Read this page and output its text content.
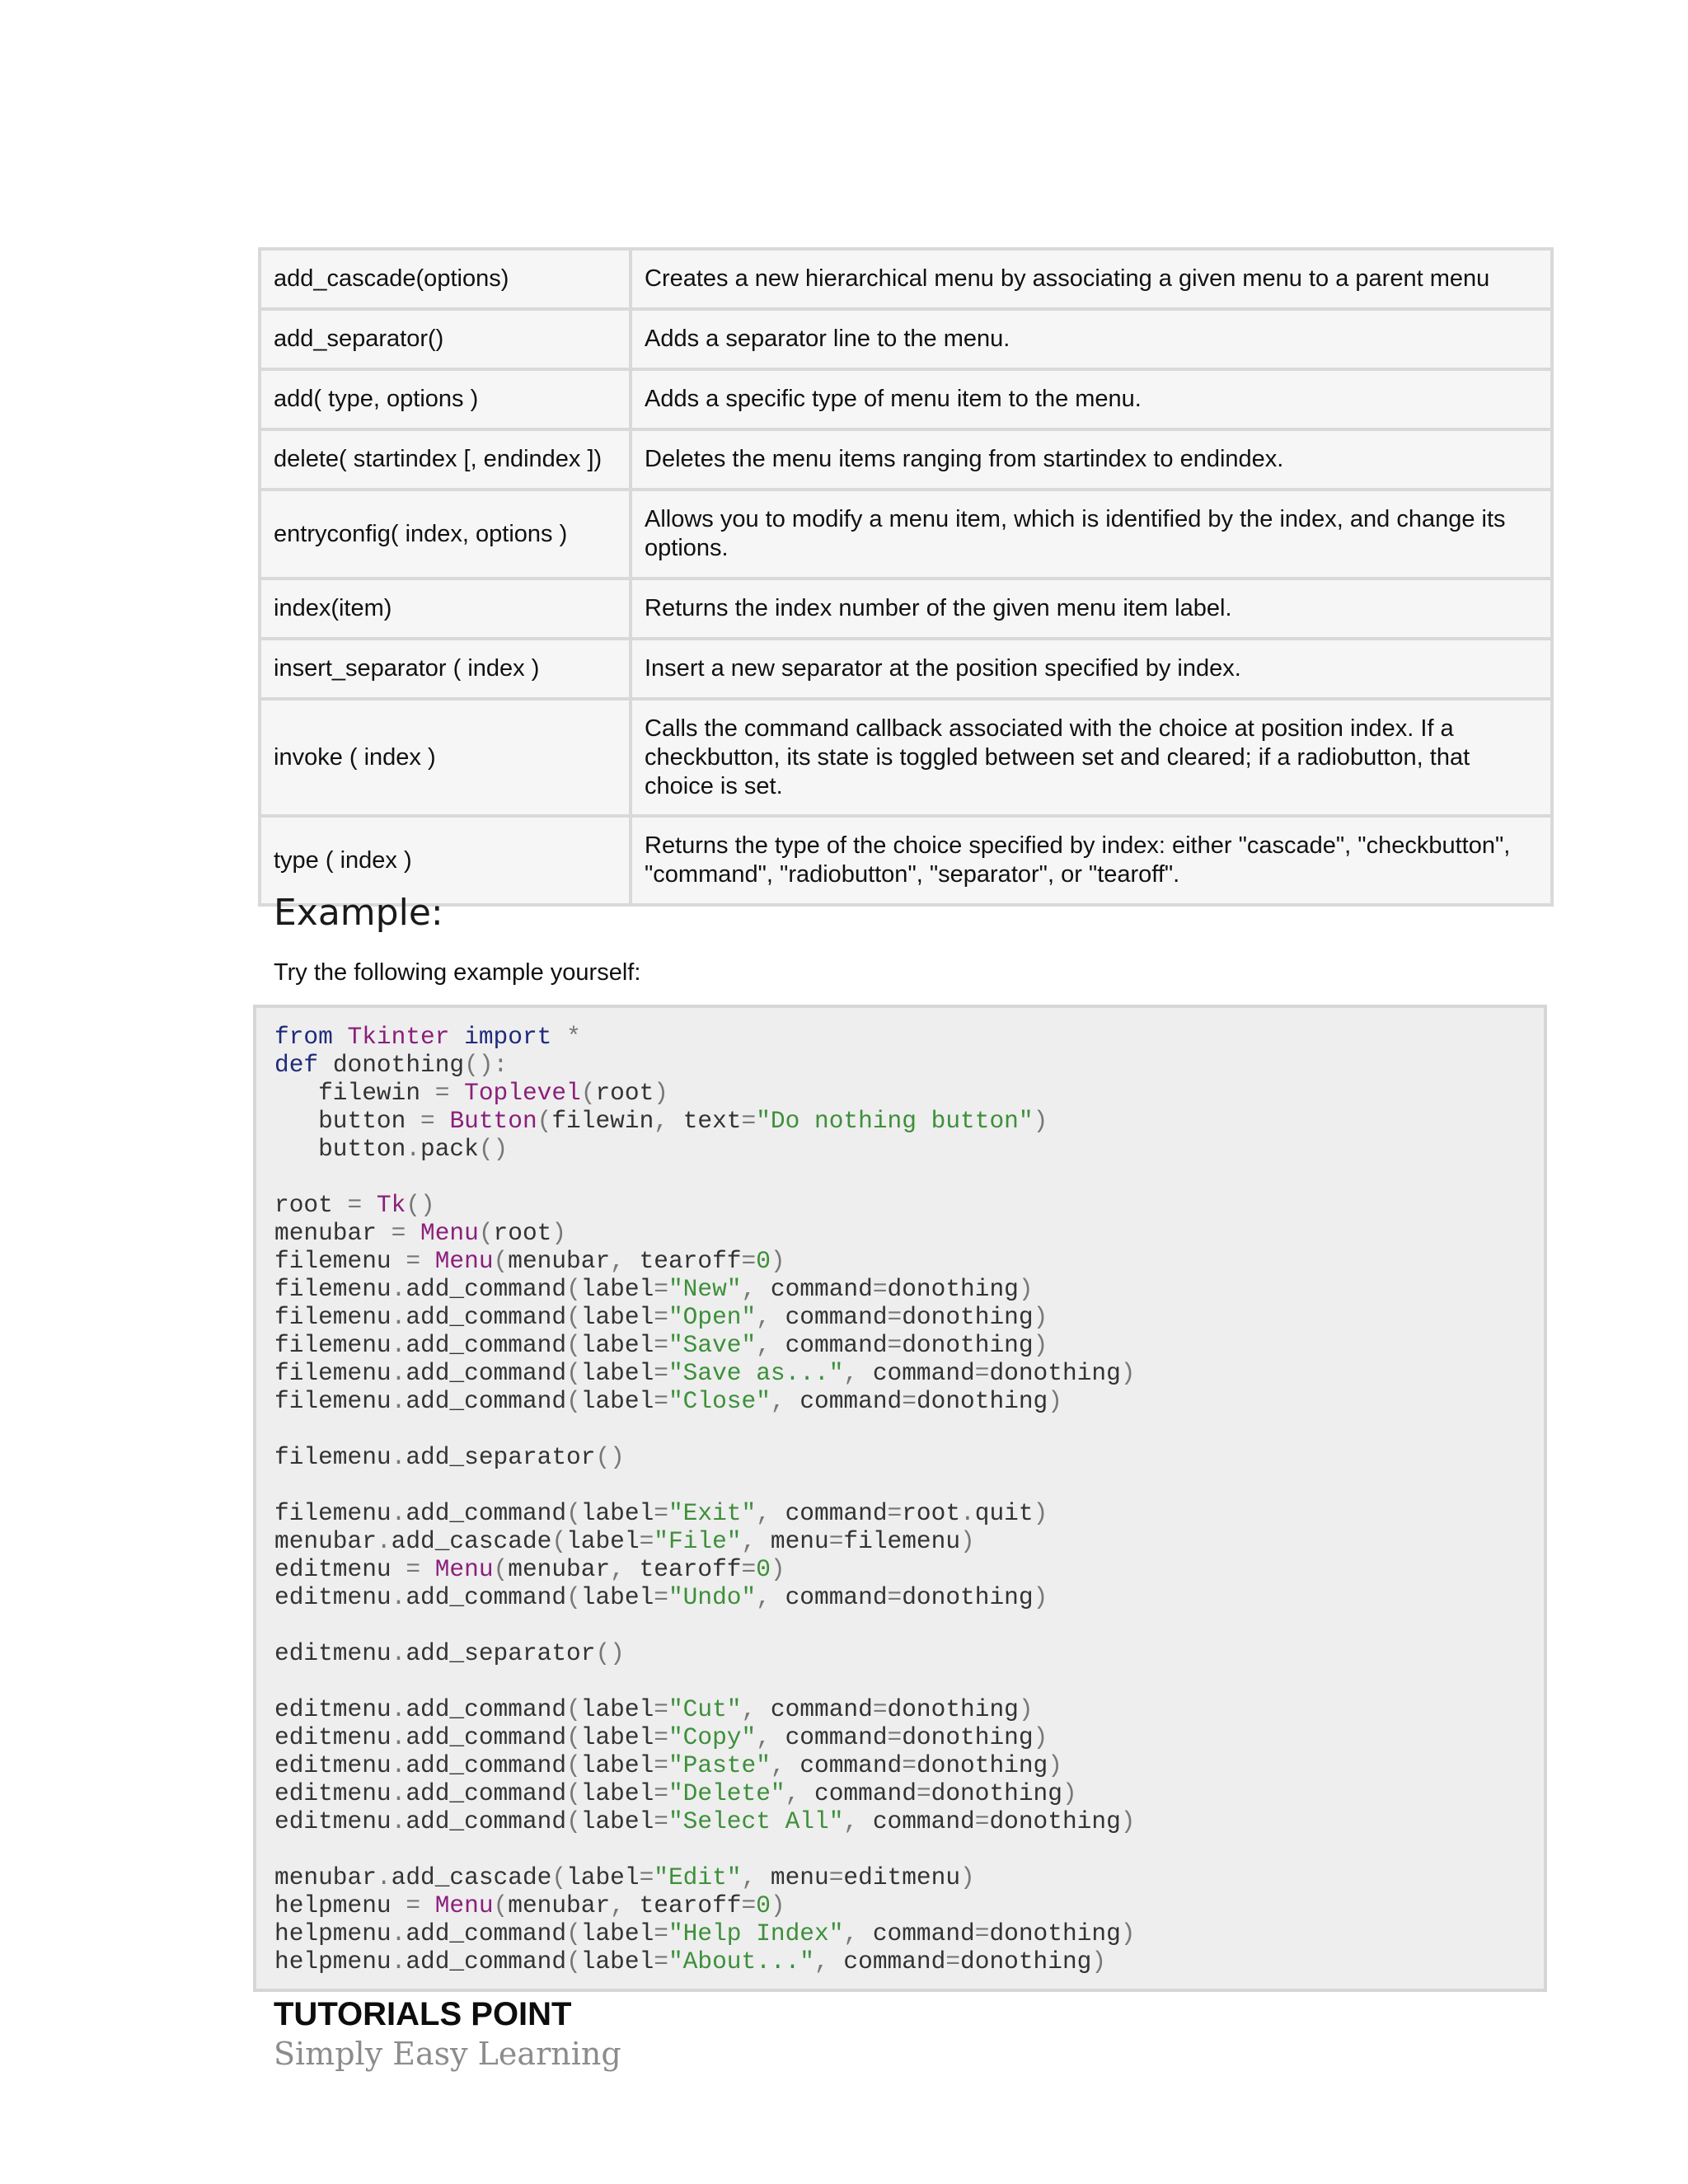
add_cascade(options)	Creates a new hierarchical menu by associating a given menu to a parent menu
add_separator()	Adds a separator line to the menu.
add( type, options )	Adds a specific type of menu item to the menu.
delete( startindex [, endindex ])	Deletes the menu items ranging from startindex to endindex.
entryconfig( index, options )	Allows you to modify a menu item, which is identified by the index, and change its options.
index(item)	Returns the index number of the given menu item label.
insert_separator ( index )	Insert a new separator at the position specified by index.
invoke ( index )	Calls the command callback associated with the choice at position index. If a checkbutton, its state is toggled between set and cleared; if a radiobutton, that choice is set.
type ( index )	Returns the type of the choice specified by index: either "cascade", "checkbutton", "command", "radiobutton", "separator", or "tearoff".
Example:

Try the following example yourself:

from Tkinter import *
def donothing():
filewin = Toplevel(root)
button = Button(filewin, text="Do nothing button")
button.pack()

root = Tk()
menubar = Menu(root)
filemenu = Menu(menubar, tearoff=0)
filemenu.add_command(label="New", command=donothing)
filemenu.add_command(label="Open", command=donothing)
filemenu.add_command(label="Save", command=donothing)
filemenu.add_command(label="Save as...", command=donothing)
filemenu.add_command(label="Close", command=donothing)

filemenu.add_separator()

filemenu.add_command(label="Exit", command=root.quit)
menubar.add_cascade(label="File", menu=filemenu)
editmenu = Menu(menubar, tearoff=0)
editmenu.add_command(label="Undo", command=donothing)

editmenu.add_separator()

editmenu.add_command(label="Cut", command=donothing)
editmenu.add_command(label="Copy", command=donothing)
editmenu.add_command(label="Paste", command=donothing)
editmenu.add_command(label="Delete", command=donothing)
editmenu.add_command(label="Select All", command=donothing)

menubar.add_cascade(label="Edit", menu=editmenu)
helpmenu = Menu(menubar, tearoff=0)
helpmenu.add_command(label="Help Index", command=donothing)
helpmenu.add_command(label="About...", command=donothing)
TUTORIALS POINT
Simply Easy Learning
